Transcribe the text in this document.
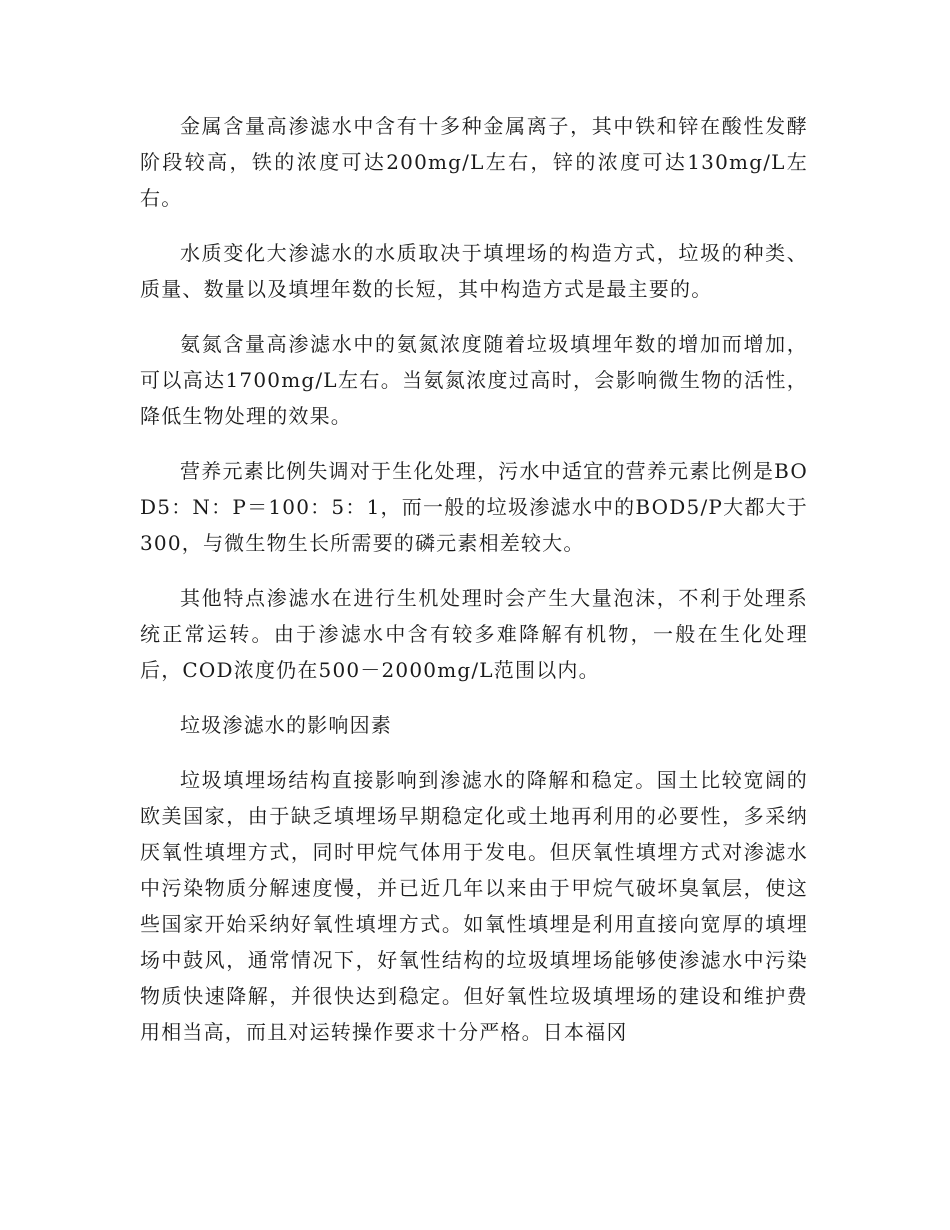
金属含量高渗滤水中含有十多种金属离子，其中铁和锌在酸性发酵阶段较高，铁的浓度可达200mg/L左右，锌的浓度可达130mg/L左右。

水质变化大渗滤水的水质取决于填埋场的构造方式，垃圾的种类、质量、数量以及填埋年数的长短，其中构造方式是最主要的。

氨氮含量高渗滤水中的氨氮浓度随着垃圾填埋年数的增加而增加，可以高达1700mg/L左右。当氨氮浓度过高时，会影响微生物的活性，降低生物处理的效果。

营养元素比例失调对于生化处理，污水中适宜的营养元素比例是BOD5：N：P＝100：5：1，而一般的垃圾渗滤水中的BOD5/P大都大于300，与微生物生长所需要的磷元素相差较大。

其他特点渗滤水在进行生机处理时会产生大量泡沫，不利于处理系统正常运转。由于渗滤水中含有较多难降解有机物，一般在生化处理后，COD浓度仍在500－2000mg/L范围以内。

垃圾渗滤水的影响因素

垃圾填埋场结构直接影响到渗滤水的降解和稳定。国土比较宽阔的欧美国家，由于缺乏填埋场早期稳定化或土地再利用的必要性，多采纳厌氧性填埋方式，同时甲烷气体用于发电。但厌氧性填埋方式对渗滤水中污染物质分解速度慢，并已近几年以来由于甲烷气破坏臭氧层，使这些国家开始采纳好氧性填埋方式。如氧性填埋是利用直接向宽厚的填埋场中鼓风，通常情况下，好氧性结构的垃圾填埋场能够使渗滤水中污染物质快速降解，并很快达到稳定。但好氧性垃圾填埋场的建设和维护费用相当高，而且对运转操作要求十分严格。日本福冈
